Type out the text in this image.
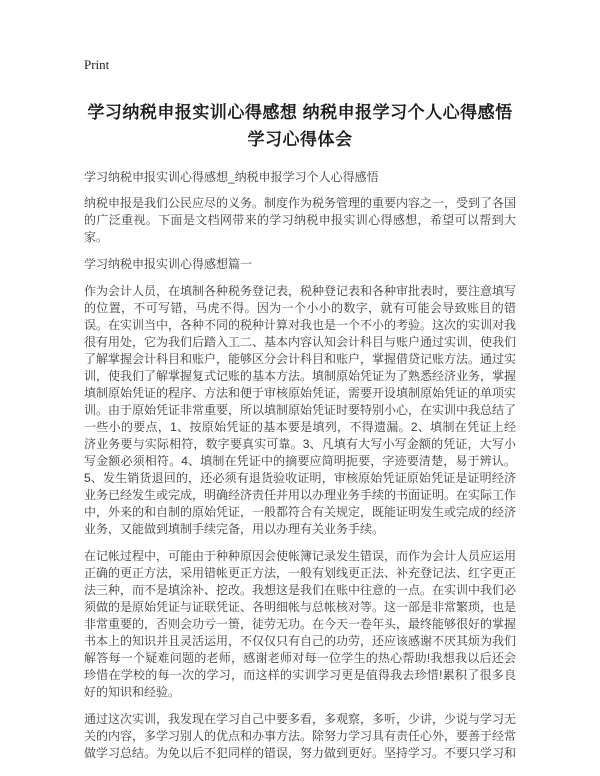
Print
学习纳税申报实训心得感想 纳税申报学习个人心得感悟 学习心得体会

学习纳税申报实训心得感想_纳税申报学习个人心得感悟

纳税申报是我们公民应尽的义务。制度作为税务管理的重要内容之一，受到了各国的广泛重视。下面是文档网带来的学习纳税申报实训心得感想，希望可以帮到大家。

学习纳税申报实训心得感想篇一

作为会计人员，在填制各种税务登记表，税种登记表和各种审批表时，要注意填写的位置，不可写错，马虎不得。因为一个小小的数字，就有可能会导致账目的错误。在实训当中，各种不同的税种计算对我也是一个不小的考验。这次的实训对我很有用处，它为我们后踏入工二、基本内容认知会计科目与账户通过实训，使我们了解掌握会计科目和账户，能够区分会计科目和账户，掌握借贷记账方法。通过实训，使我们了解掌握复式记账的基本方法。填制原始凭证为了熟悉经济业务，掌握填制原始凭证的程序、方法和便于审核原始凭证，需要开设填制原始凭证的单项实训。由于原始凭证非常重要，所以填制原始凭证时要特别小心，在实训中我总结了一些小的要点，1、按原始凭证的基本要是填列，不得遗漏。2、填制在凭证上经济业务要与实际相符，数字要真实可靠。3、凡填有大写小写金额的凭证，大写小写金额必须相符。4、填制在凭证中的摘要应简明扼要，字迹要清楚，易于辨认。5、发生销货退回的，还必须有退货验收证明，审核原始凭证原始凭证是证明经济业务已经发生或完成，明确经济责任并用以办理业务手续的书面证明。在实际工作中，外来的和自制的原始凭证，一般都符合有关规定，既能证明发生或完成的经济业务，又能做到填制手续完备，用以办理有关业务手续。

在记帐过程中，可能由于种种原因会使帐簿记录发生错误，而作为会计人员应运用正确的更正方法，采用错帐更正方法，一般有划线更正法、补充登记法、红字更正法三种，而不是填涂补、挖改。我想这是我们在账中往意的一点。在实训中我们必须做的是原始凭证与证联凭证、各明细帐与总帐核对等。这一部是非常繁琐，也是非常重要的，否则会功亏一篑，徒劳无功。在今天一卷年头，最终能够很好的掌握书本上的知识并且灵活运用，不仅仅只有自己的功劳，还应该感谢不厌其烦为我们解答每一个疑难问题的老师，感谢老师对每一位学生的热心帮助!我想我以后还会珍惜在学校的每一次的学习，而这样的实训学习更是值得我去珍惜!累积了很多良好的知识和经验。

通过这次实训，我发现在学习自己中要多看，多观察，多听，少讲，少说与学习无关的内容，多学习别人的优点和办事方法。除努力学习具有责任心外，要善于经常做学习总结。为免以后不犯同样的错误，努力做到更好。坚持学习。不要只学习和
